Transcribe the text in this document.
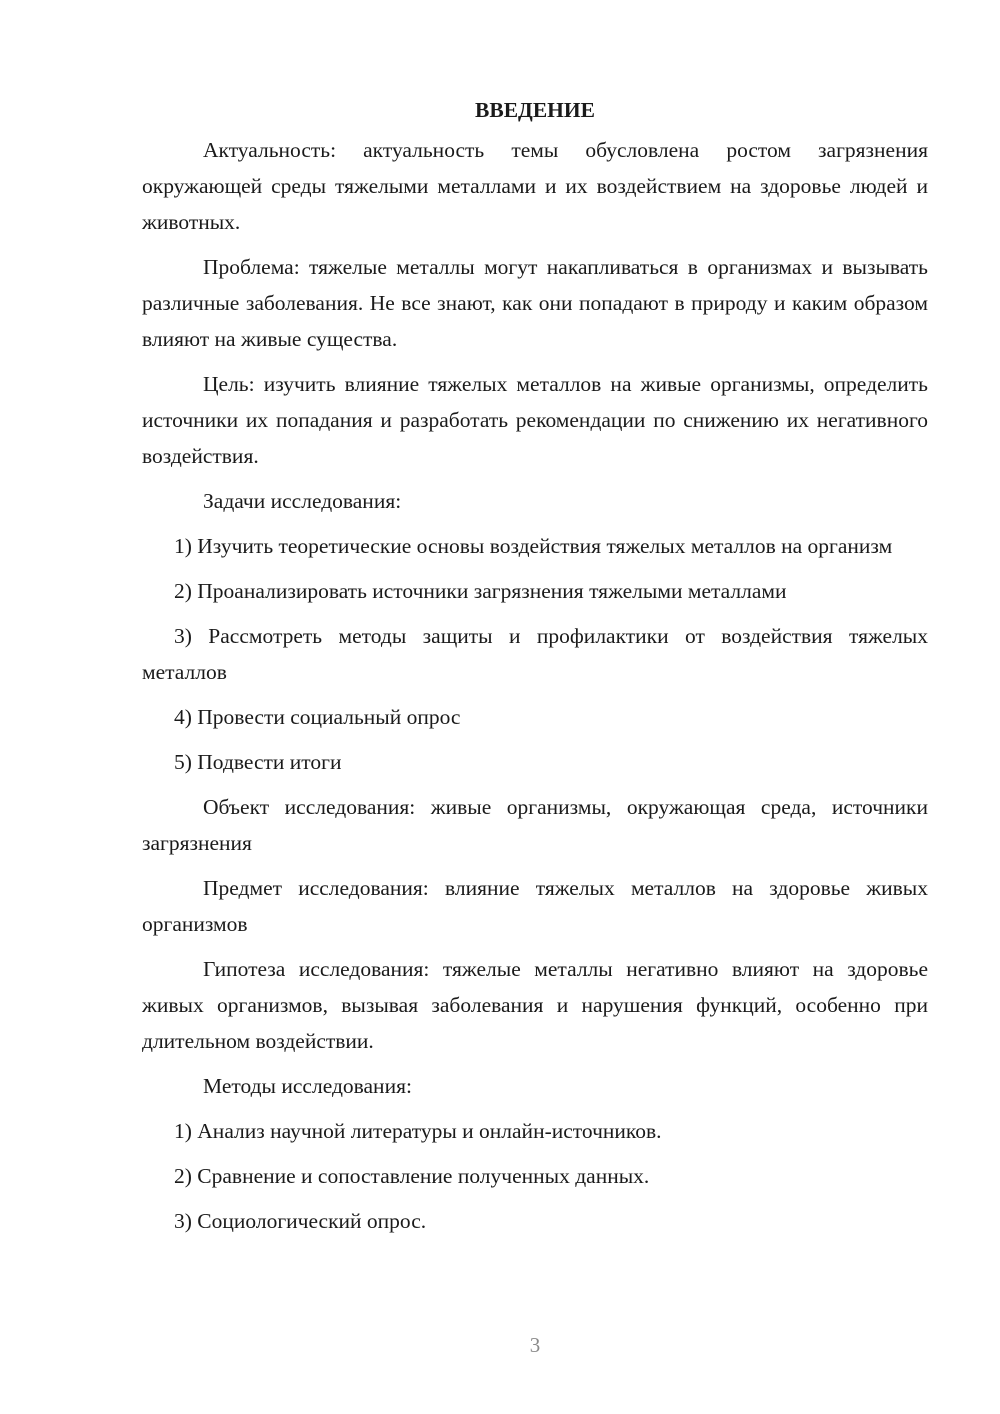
ВВЕДЕНИЕ

Актуальность: актуальность темы обусловлена ростом загрязнения окружающей среды тяжелыми металлами и их воздействием на здоровье людей и животных.

Проблема: тяжелые металлы могут накапливаться в организмах и вызывать различные заболевания. Не все знают, как они попадают в природу и каким образом влияют на живые существа.

Цель: изучить влияние тяжелых металлов на живые организмы, определить источники их попадания и разработать рекомендации по снижению их негативного воздействия.

Задачи исследования:

1) Изучить теоретические основы воздействия тяжелых металлов на организм

2) Проанализировать источники загрязнения тяжелыми металлами

3) Рассмотреть методы защиты и профилактики от воздействия тяжелых металлов

4) Провести социальный опрос

5) Подвести итоги

Объект исследования: живые организмы, окружающая среда, источники загрязнения

Предмет исследования: влияние тяжелых металлов на здоровье живых организмов

Гипотеза исследования: тяжелые металлы негативно влияют на здоровье живых организмов, вызывая заболевания и нарушения функций, особенно при длительном воздействии.

Методы исследования:

1) Анализ научной литературы и онлайн-источников.

2) Сравнение и сопоставление полученных данных.

3) Социологический опрос.

3
